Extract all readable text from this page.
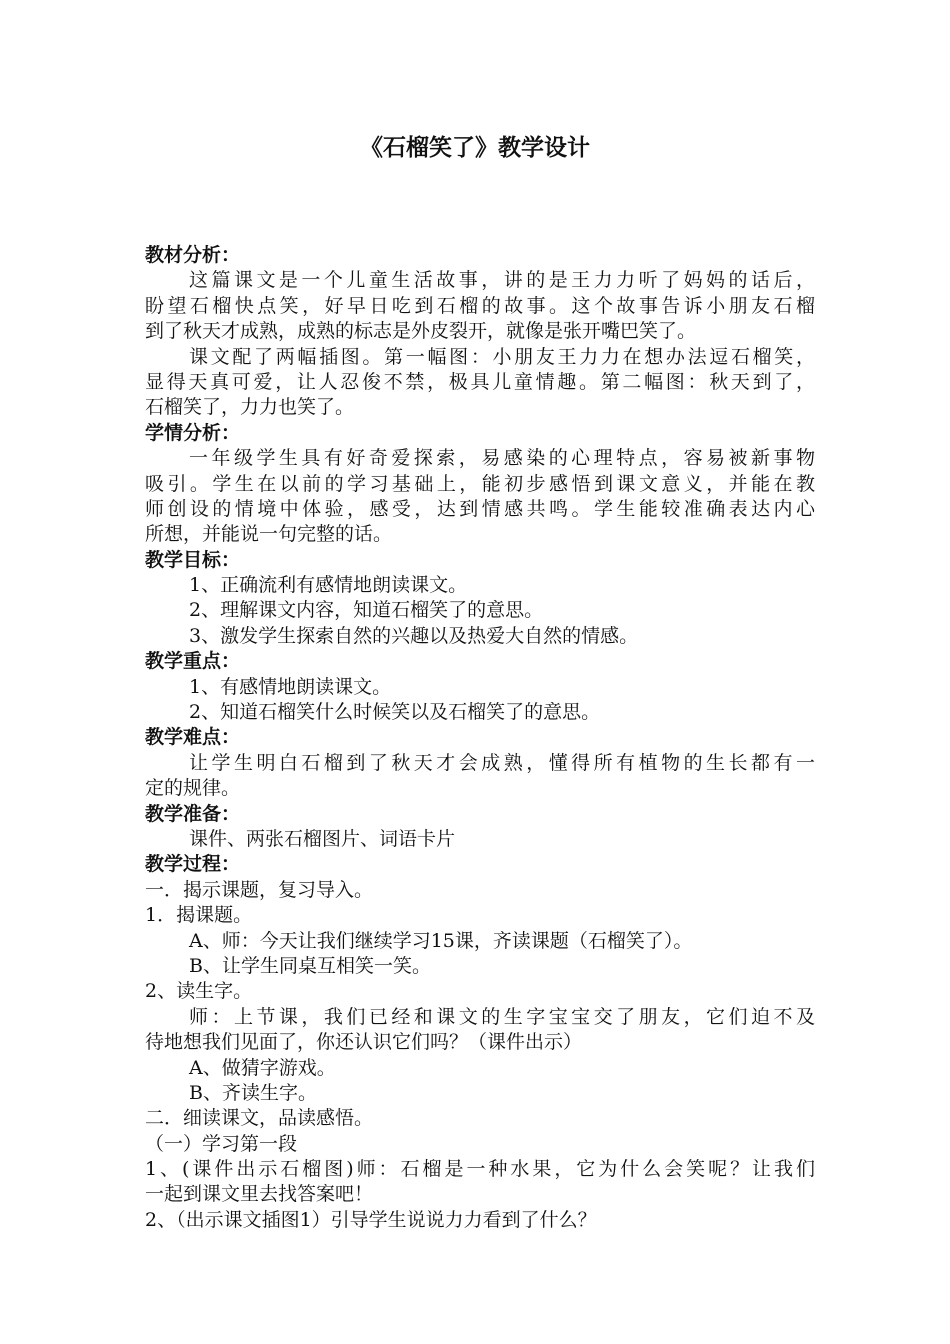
《石榴笑了》教学设计
教材分析：
这篇课文是一个儿童生活故事，讲的是王力力听了妈妈的话后，
盼望石榴快点笑，好早日吃到石榴的故事。这个故事告诉小朋友石榴
到了秋天才成熟，成熟的标志是外皮裂开，就像是张开嘴巴笑了。
课文配了两幅插图。第一幅图：小朋友王力力在想办法逗石榴笑，
显得天真可爱，让人忍俊不禁，极具儿童情趣。第二幅图：秋天到了，
石榴笑了，力力也笑了。
学情分析：
一年级学生具有好奇爱探索，易感染的心理特点，容易被新事物
吸引。学生在以前的学习基础上，能初步感悟到课文意义，并能在教
师创设的情境中体验，感受，达到情感共鸣。学生能较准确表达内心
所想，并能说一句完整的话。
教学目标：
1、正确流利有感情地朗读课文。
2、理解课文内容，知道石榴笑了的意思。
3、激发学生探索自然的兴趣以及热爱大自然的情感。
教学重点：
1、有感情地朗读课文。
2、知道石榴笑什么时候笑以及石榴笑了的意思。
教学难点：
让学生明白石榴到了秋天才会成熟，懂得所有植物的生长都有一
定的规律。
教学准备：
课件、两张石榴图片、词语卡片
教学过程：
一．揭示课题，复习导入。
1．揭课题。
A、师：今天让我们继续学习15课，齐读课题（石榴笑了）。
B、让学生同桌互相笑一笑。
2、读生字。
师：上节课，我们已经和课文的生字宝宝交了朋友，它们迫不及
待地想我们见面了，你还认识它们吗？（课件出示）
A、做猜字游戏。
B、齐读生字。
二．细读课文，品读感悟。
（一）学习第一段
1、(课件出示石榴图)师：石榴是一种水果，它为什么会笑呢？让我们
一起到课文里去找答案吧！
2、（出示课文插图1）引导学生说说力力看到了什么？
